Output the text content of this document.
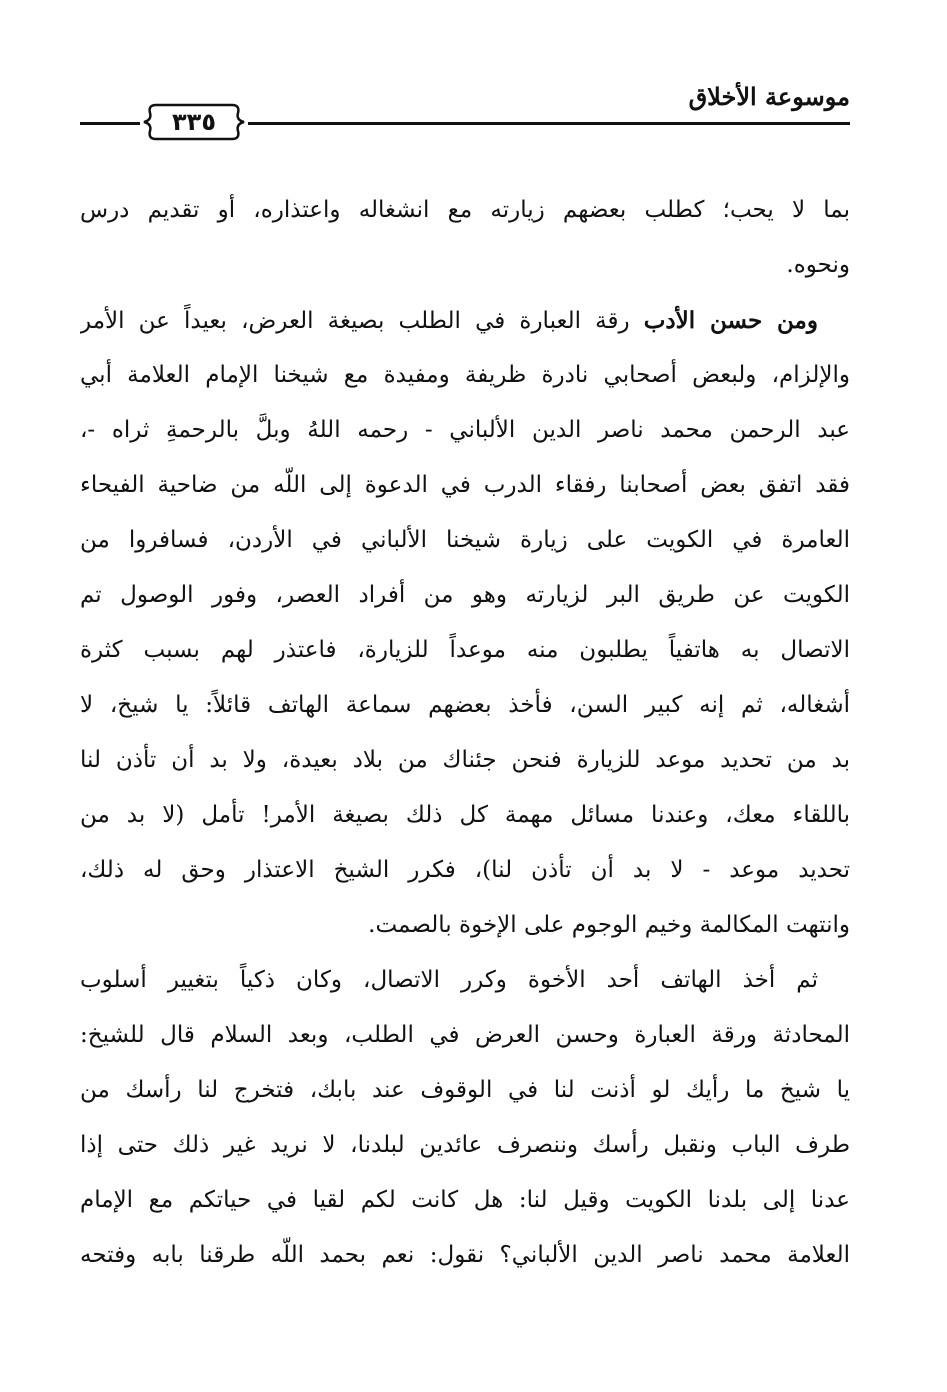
موسوعة الأخلاق
٣٣٥
بما لا يحب؛ كطلب بعضهم زيارته مع انشغاله واعتذاره، أو تقديم درس
ونحوه.
ومن حسن الأدب رقة العبارة في الطلب بصيغة العرض، بعيداً عن الأمر
والإلزام، ولبعض أصحابي نادرة ظريفة ومفيدة مع شيخنا الإمام العلامة أبي
عبد الرحمن محمد ناصر الدين الألباني - رحمه اللهُ وبلَّ بالرحمةِ ثراه -،
فقد اتفق بعض أصحابنا رفقاء الدرب في الدعوة إلى اللّه من ضاحية الفيحاء
العامرة في الكويت على زيارة شيخنا الألباني في الأردن، فسافروا من
الكويت عن طريق البر لزيارته وهو من أفراد العصر، وفور الوصول تم
الاتصال به هاتفياً يطلبون منه موعداً للزيارة، فاعتذر لهم بسبب كثرة
أشغاله، ثم إنه كبير السن، فأخذ بعضهم سماعة الهاتف قائلاً: يا شيخ، لا
بد من تحديد موعد للزيارة فنحن جئناك من بلاد بعيدة، ولا بد أن تأذن لنا
باللقاء معك، وعندنا مسائل مهمة كل ذلك بصيغة الأمر! تأمل (لا بد من
تحديد موعد - لا بد أن تأذن لنا)، فكرر الشيخ الاعتذار وحق له ذلك،
وانتهت المكالمة وخيم الوجوم على الإخوة بالصمت.
ثم أخذ الهاتف أحد الأخوة وكرر الاتصال، وكان ذكياً بتغيير أسلوب
المحادثة ورقة العبارة وحسن العرض في الطلب، وبعد السلام قال للشيخ:
يا شيخ ما رأيك لو أذنت لنا في الوقوف عند بابك، فتخرج لنا رأسك من
طرف الباب ونقبل رأسك وننصرف عائدين لبلدنا، لا نريد غير ذلك حتى إذا
عدنا إلى بلدنا الكويت وقيل لنا: هل كانت لكم لقيا في حياتكم مع الإمام
العلامة محمد ناصر الدين الألباني؟ نقول: نعم بحمد اللّه طرقنا بابه وفتحه
